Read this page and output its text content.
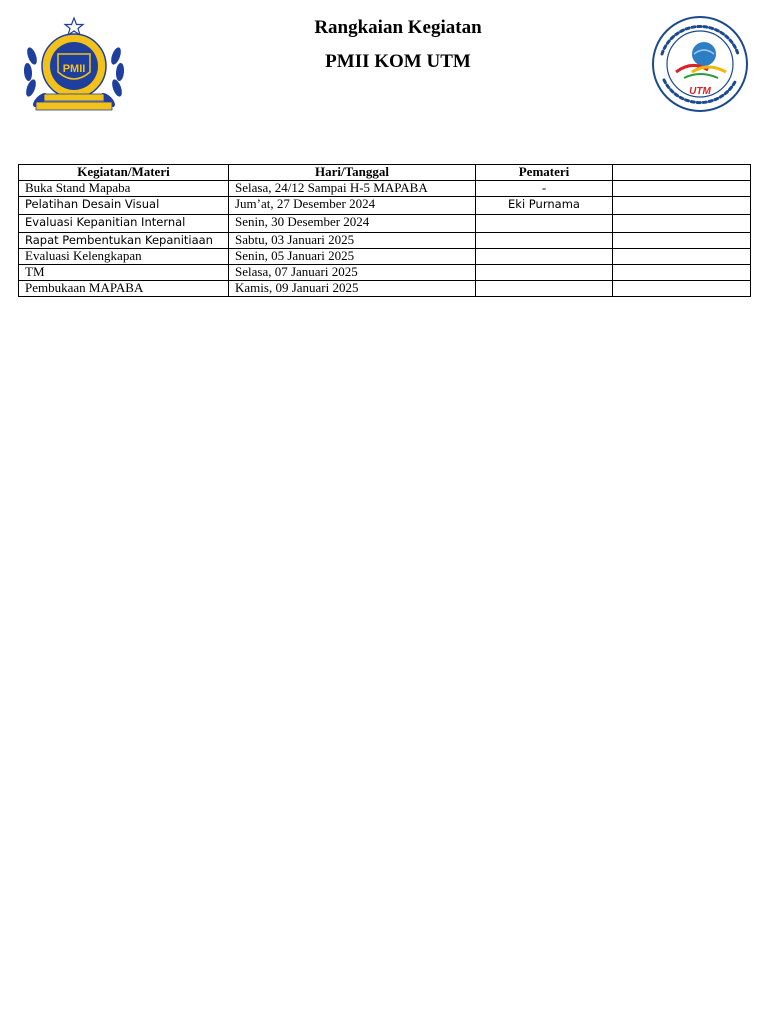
PMII
Rangkaian Kegiatan
PMII KOM UTM
UTM
Kegiatan/Materi	Hari/Tanggal	Pemateri	
Buka Stand Mapaba	Selasa, 24/12 Sampai H-5 MAPABA	-	
Pelatihan Desain Visual	Jum’at, 27 Desember 2024	Eki Purnama	
Evaluasi Kepanitian Internal	Senin, 30 Desember 2024		
Rapat Pembentukan Kepanitiaan	Sabtu, 03 Januari 2025		
Evaluasi Kelengkapan	Senin, 05 Januari 2025		
TM	Selasa, 07 Januari 2025		
Pembukaan MAPABA	Kamis, 09 Januari 2025		
